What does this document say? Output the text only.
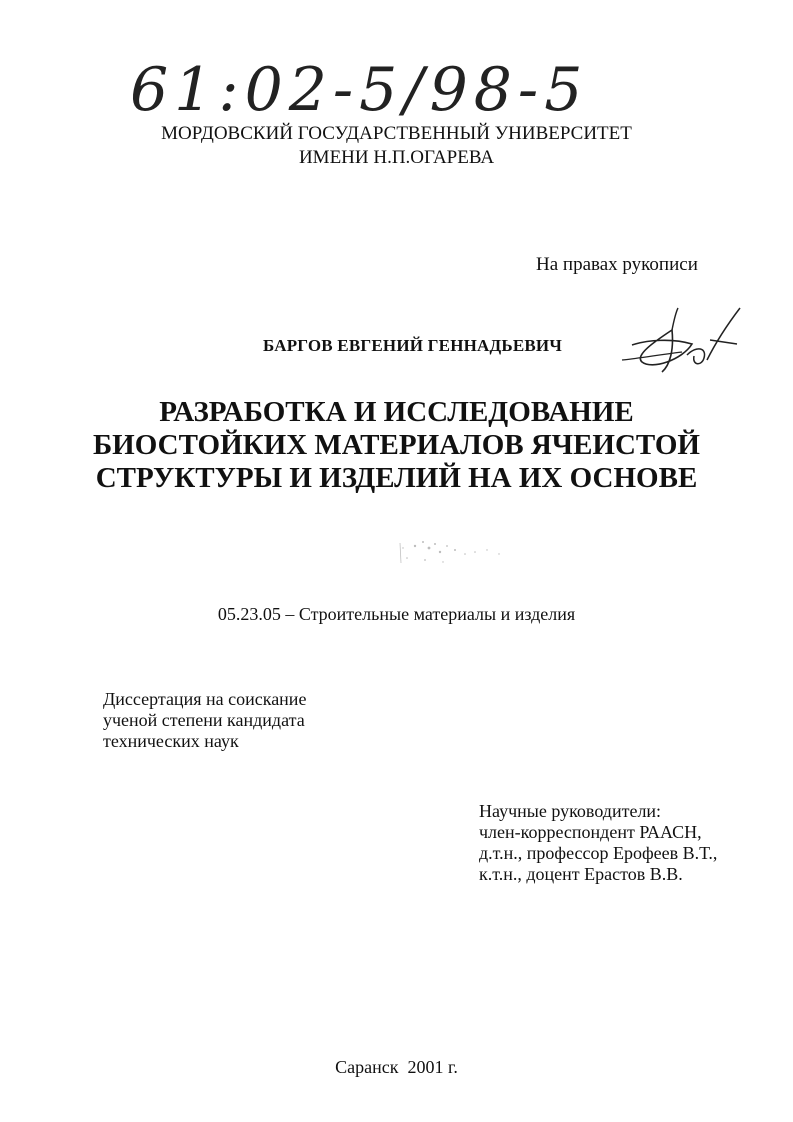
61:02-5/98-5
МОРДОВСКИЙ ГОСУДАРСТВЕННЫЙ УНИВЕРСИТЕТ
ИМЕНИ Н.П.ОГАРЕВА
На правах рукописи
БАРГОВ ЕВГЕНИЙ ГЕННАДЬЕВИЧ
РАЗРАБОТКА И ИССЛЕДОВАНИЕ
БИОСТОЙКИХ МАТЕРИАЛОВ ЯЧЕИСТОЙ
СТРУКТУРЫ И ИЗДЕЛИЙ НА ИХ ОСНОВЕ
05.23.05 – Строительные материалы и изделия
Диссертация на соискание
ученой степени кандидата
технических наук
Научные руководители:
член-корреспондент РААСН,
д.т.н., профессор Ерофеев В.Т.,
к.т.н., доцент Ерастов В.В.
Саранск  2001 г.
